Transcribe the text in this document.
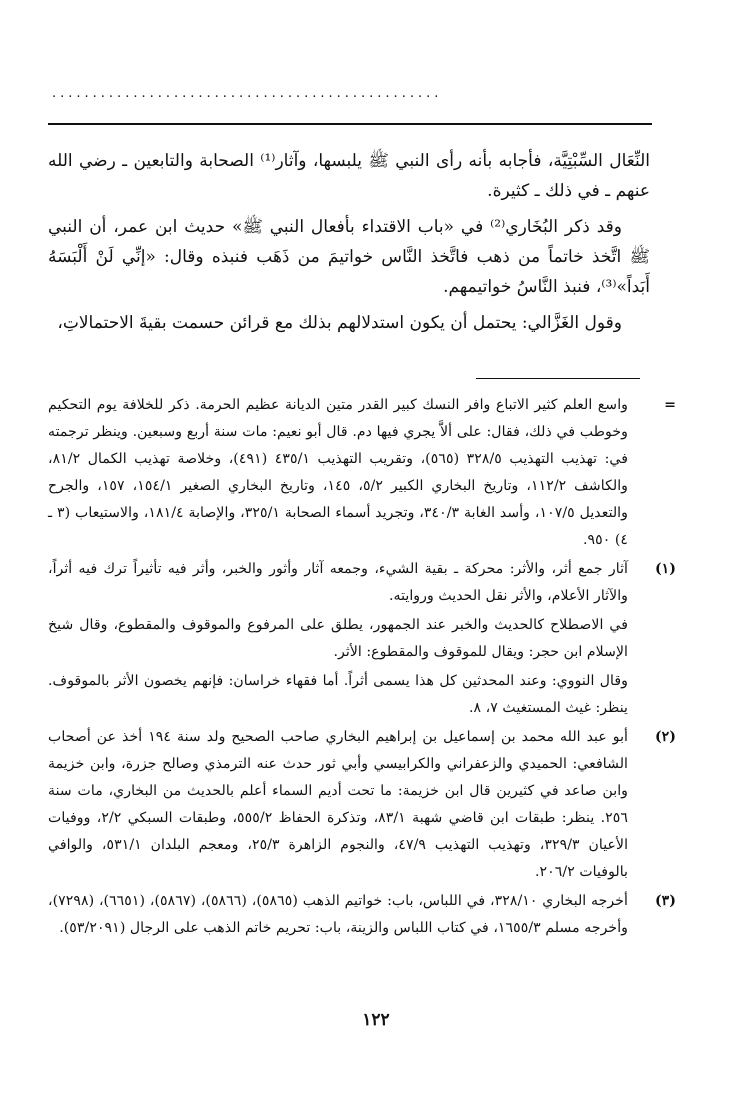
................................................

النِّعَال السِّبْتِيَّة، فأجابه بأنه رأى النبي ﷺ يلبسها، وآثار⁽¹⁾ الصحابة والتابعين ـ رضي الله عنهم ـ في ذلك ـ كثيرة.

وقد ذكر البُخَاري⁽²⁾ في «باب الاقتداء بأفعال النبي ﷺ» حديث ابن عمر، أن النبي ﷺ اتَّخذ خاتماً من ذهب فاتَّخذ النَّاس خواتيمَ من ذَهَب فنبذه وقال: «إنِّي لَنْ أَلْبَسَهُ أَبَداً»⁽³⁾، فنبذ النَّاسُ خواتيمهم.

وقول الغَزَّالي: يحتمل أن يكون استدلالهم بذلك مع قرائن حسمت بقيةَ الاحتمالاتِ،

=

واسع العلم كثير الاتباع وافر النسك كبير القدر متين الديانة عظيم الحرمة. ذكر للخلافة يوم التحكيم وخوطب في ذلك، فقال: على ألاَّ يجري فيها دم. قال أبو نعيم: مات سنة أربع وسبعين. وينظر ترجمته في: تهذيب التهذيب ٣٢٨/٥ (٥٦٥)، وتقريب التهذيب ٤٣٥/١ (٤٩١)، وخلاصة تهذيب الكمال ٨١/٢، والكاشف ١١٢/٢، وتاريخ البخاري الكبير ٥/٢، ١٤٥، وتاريخ البخاري الصغير ١٥٤/١، ١٥٧، والجرح والتعديل ١٠٧/٥، وأسد الغابة ٣٤٠/٣، وتجريد أسماء الصحابة ٣٢٥/١، والإصابة ١٨١/٤، والاستيعاب (٣ ـ ٤) ٩٥٠.

(١)

آثار جمع أثر، والأثر: محركة ـ بقية الشيء، وجمعه آثار وأثور والخبر، وأثر فيه تأثيراً ترك فيه أثراً، والآثار الأعلام، والأثر نقل الحديث وروايته.

في الاصطلاح كالحديث والخبر عند الجمهور، يطلق على المرفوع والموقوف والمقطوع، وقال شيخ الإسلام ابن حجر: ويقال للموقوف والمقطوع: الأثر.

وقال النووي: وعند المحدثين كل هذا يسمى أثراً. أما فقهاء خراسان: فإنهم يخصون الأثر بالموقوف. ينظر: غيث المستغيث ٧، ٨.

(٢)

أبو عبد الله محمد بن إسماعيل بن إبراهيم البخاري صاحب الصحيح ولد سنة ١٩٤ أخذ عن أصحاب الشافعي: الحميدي والزعفراني والكرابيسي وأبي ثور حدث عنه الترمذي وصالح جزرة، وابن خزيمة وابن صاعد في كثيرين قال ابن خزيمة: ما تحت أديم السماء أعلم بالحديث من البخاري، مات سنة ٢٥٦. ينظر: طبقات ابن قاضي شهبة ٨٣/١، وتذكرة الحفاظ ٥٥٥/٢، وطبقات السبكي ٢/٢، ووفيات الأعيان ٣٢٩/٣، وتهذيب التهذيب ٤٧/٩، والنجوم الزاهرة ٢٥/٣، ومعجم البلدان ٥٣١/١، والوافي بالوفيات ٢٠٦/٢.

(٣)

أخرجه البخاري ٣٢٨/١٠، في اللباس، باب: خواتيم الذهب (٥٨٦٥)، (٥٨٦٦)، (٥٨٦٧)، (٦٦٥١)، (٧٢٩٨)، وأخرجه مسلم ١٦٥٥/٣، في كتاب اللباس والزينة، باب: تحريم خاتم الذهب على الرجال (٥٣/٢٠٩١).

١٢٢
